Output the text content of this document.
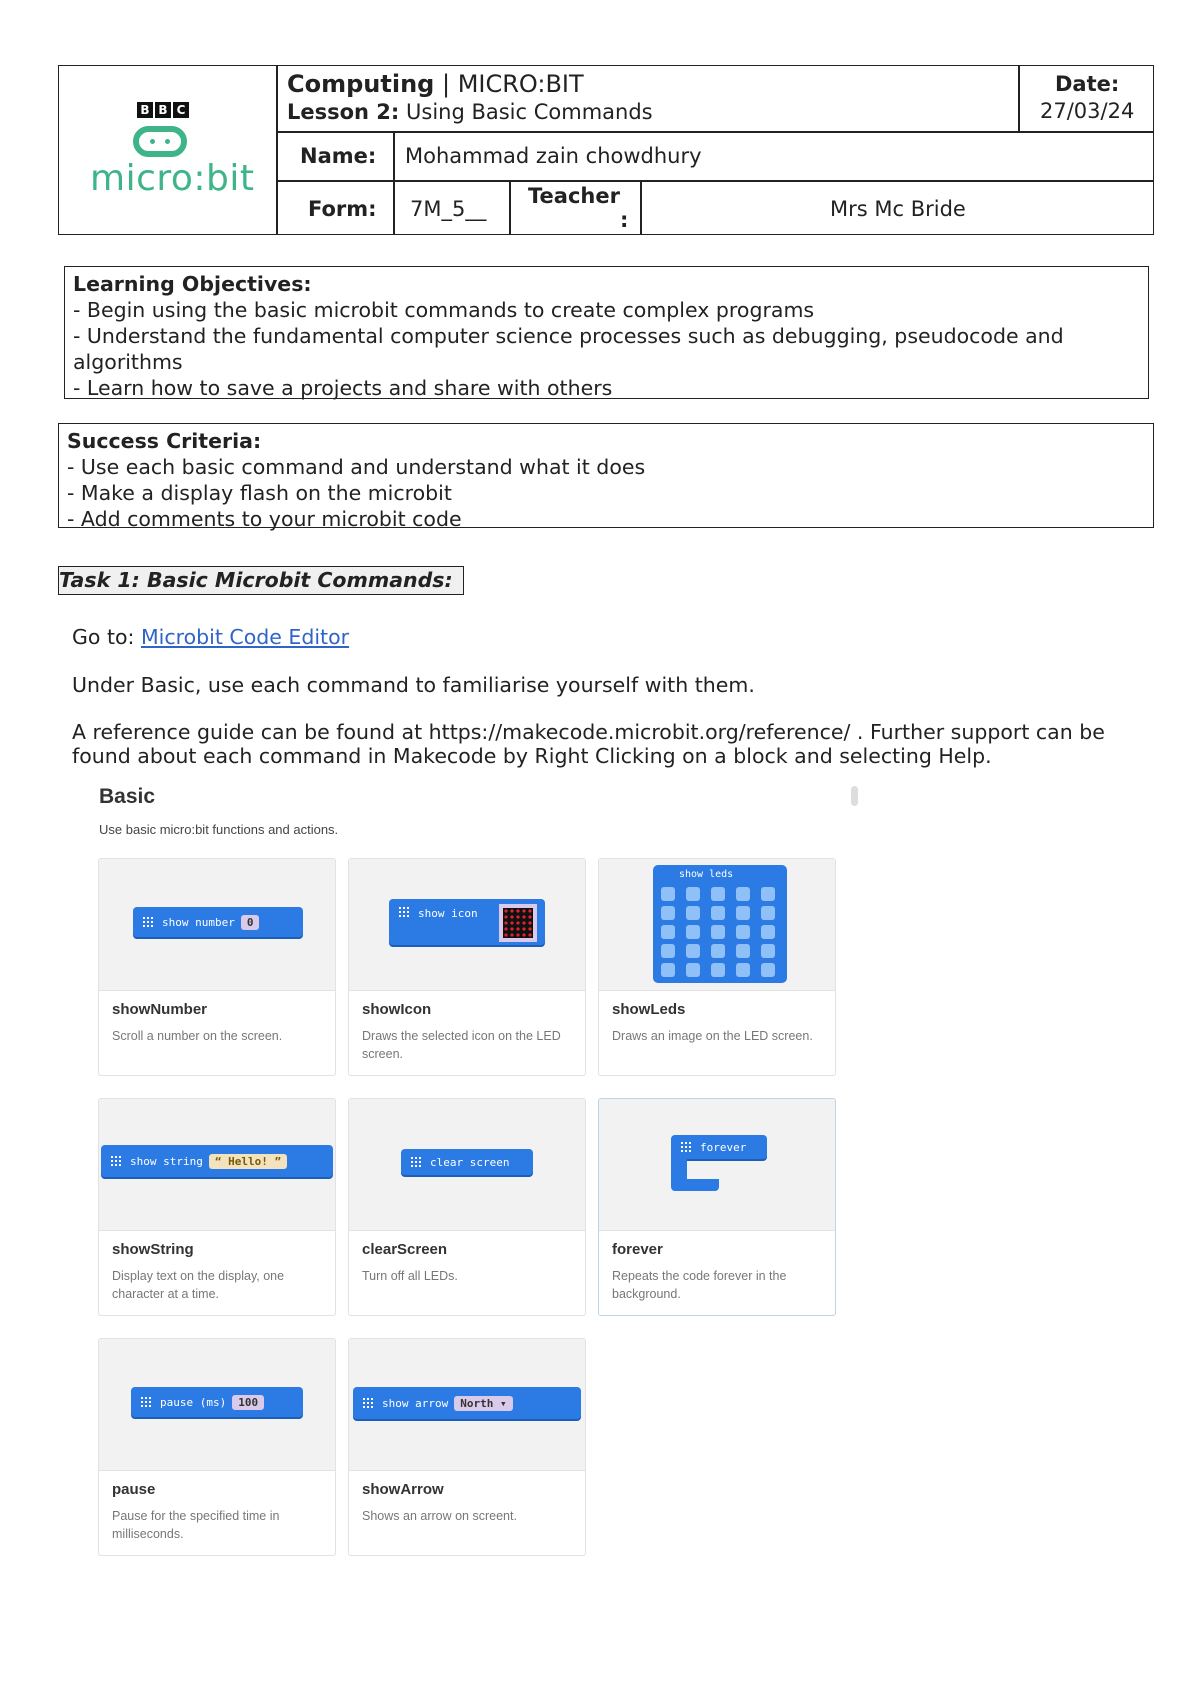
B B C
micro:bit
Computing | MICRO:BIT
Lesson 2: Using Basic Commands
Date:
27/03/24
Name: Mohammad zain chowdhury
Form: 7M_5__
Teacher
:	Mrs Mc Bride

Learning Objectives:

- Begin using the basic microbit commands to create complex programs

- Understand the fundamental computer science processes such as debugging, pseudocode and algorithms

- Learn how to save a projects and share with others

Success Criteria:

- Use each basic command and understand what it does

- Make a display flash on the microbit

- Add comments to your microbit code

Task 1: Basic Microbit Commands:
Go to: Microbit Code Editor
Under Basic, use each command to familiarise yourself with them.
A reference guide can be found at https://makecode.microbit.org/reference/ . Further support can be found about each command in Makecode by Right Clicking on a block and selecting Help.
Basic
Use basic micro:bit functions and actions.
show number	0
showNumber
Scroll a number on the screen.
show icon
showIcon
Draws the selected icon on the LED screen.
show leds
showLeds
Draws an image on the LED screen.
show string	“ Hello! ”
showString
Display text on the display, one character at a time.
clear screen
clearScreen
Turn off all LEDs.
forever
forever
Repeats the code forever in the background.
pause (ms)	100
pause
Pause for the specified time in milliseconds.
show arrow	North ▾
showArrow
Shows an arrow on screent.
